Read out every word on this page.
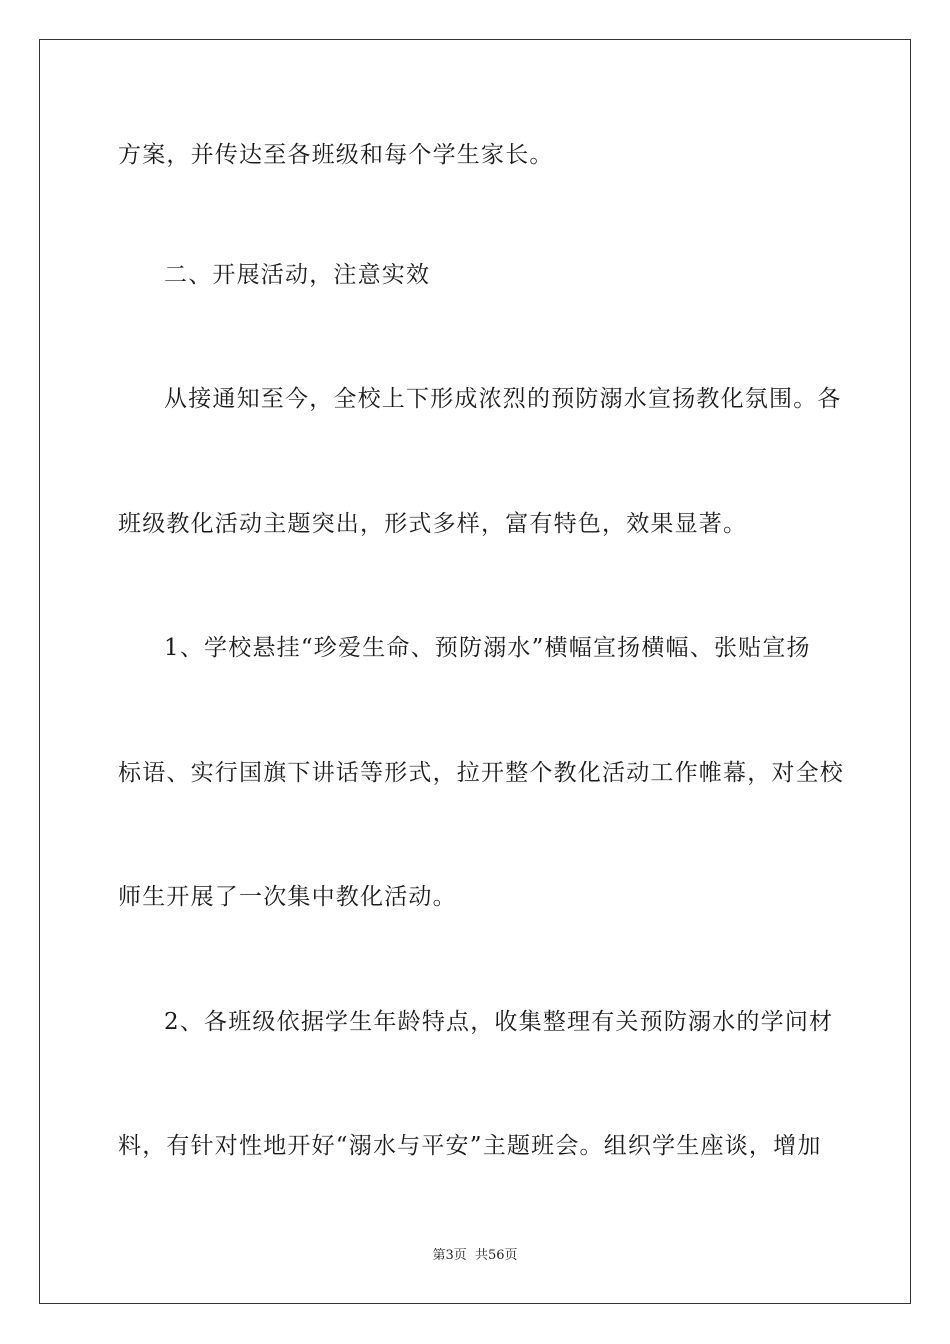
方案，并传达至各班级和每个学生家长。
二、开展活动，注意实效
从接通知至今，全校上下形成浓烈的预防溺水宣扬教化氛围。各
班级教化活动主题突出，形式多样，富有特色，效果显著。
1、学校悬挂“珍爱生命、预防溺水”横幅宣扬横幅、张贴宣扬
标语、实行国旗下讲话等形式，拉开整个教化活动工作帷幕，对全校
师生开展了一次集中教化活动。
2、各班级依据学生年龄特点，收集整理有关预防溺水的学问材
料，有针对性地开好“溺水与平安”主题班会。组织学生座谈，增加
第3页 共56页
